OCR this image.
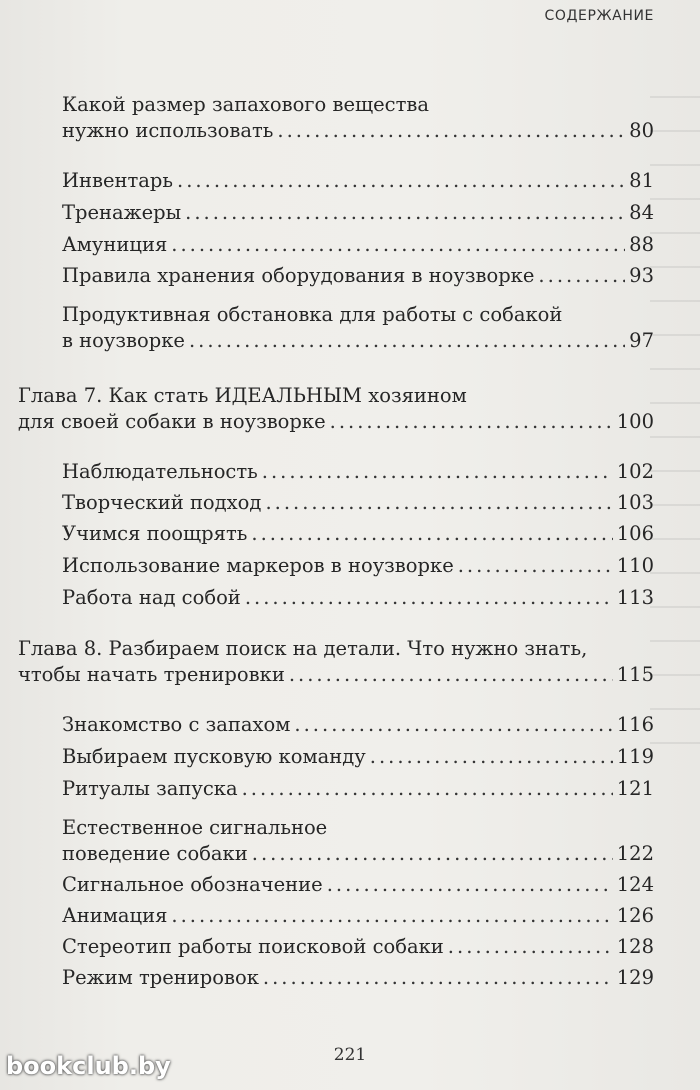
СОДЕРЖАНИЕ
Какой размер запахового вещества
нужно использовать .....	80
Инвентарь .....	81
Тренажеры .....	84
Амуниция .....	88
Правила хранения оборудования в ноузворке .....	93
Продуктивная обстановка для работы с собакой
в ноузворке .....	97
Глава 7. Как стать ИДЕАЛЬНЫМ хозяином
для своей собаки в ноузворке .....	100
Наблюдательность .....	102
Творческий подход .....	103
Учимся поощрять .....	106
Использование маркеров в ноузворке .....	110
Работа над собой .....	113
Глава 8. Разбираем поиск на детали. Что нужно знать,
чтобы начать тренировки .....	115
Знакомство с запахом .....	116
Выбираем пусковую команду .....	119
Ритуалы запуска .....	121
Естественное сигнальное
поведение собаки .....	122
Сигнальное обозначение .....	124
Анимация .....	126
Стереотип работы поисковой собаки .....	128
Режим тренировок .....	129
221
bookclub.by
